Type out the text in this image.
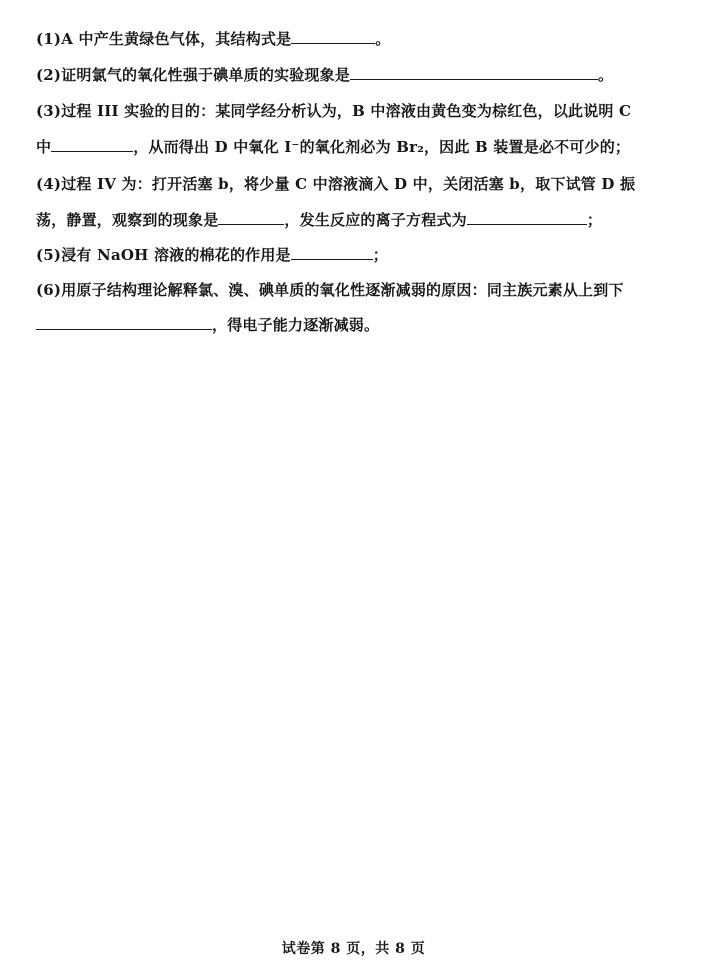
(1)A 中产生黄绿色气体，其结构式是	。
(2)证明氯气的氧化性强于碘单质的实验现象是	。
(3)过程 III 实验的目的：某同学经分析认为，B 中溶液由黄色变为棕红色，以此说明 C
中	，从而得出 D 中氧化 I⁻的氧化剂必为 Br₂，因此 B 装置是必不可少的；
(4)过程 IV 为：打开活塞 b，将少量 C 中溶液滴入 D 中，关闭活塞 b，取下试管 D 振
荡，静置，观察到的现象是	，发生反应的离子方程式为	；
(5)浸有 NaOH 溶液的棉花的作用是	；
(6)用原子结构理论解释氯、溴、碘单质的氧化性逐渐减弱的原因：同主族元素从上到下
，得电子能力逐渐减弱。
试卷第 8 页，共 8 页
